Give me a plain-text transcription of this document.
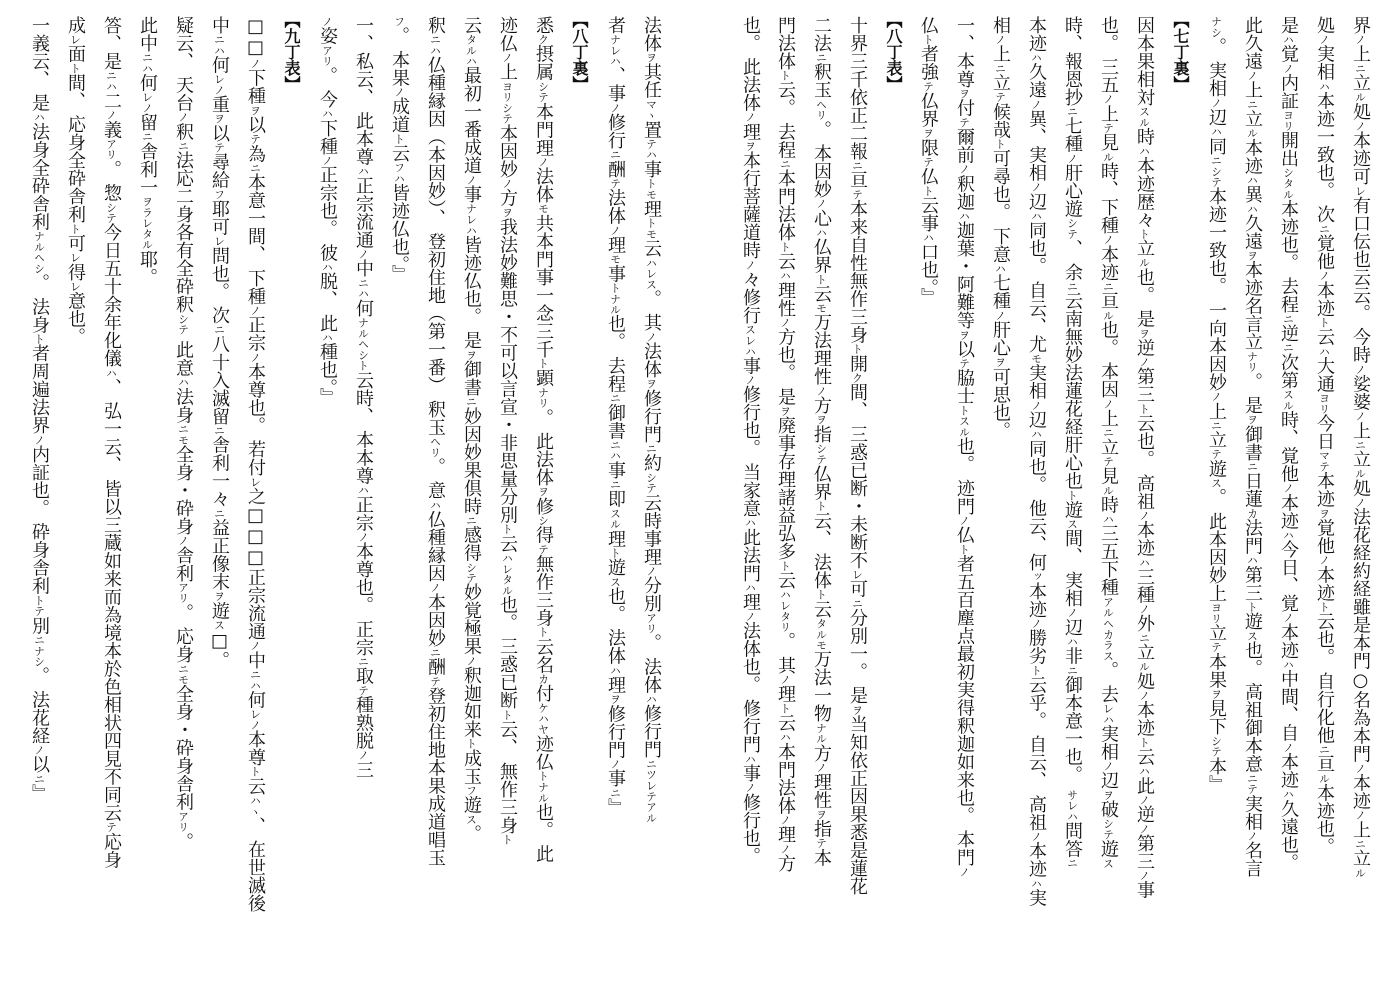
界ノ上ニ立ル処ノ本迹可レ有口伝也云云。 今時ノ娑婆ノ上ニ立ル処ノ法花経約経雖是本門○名為本門ノ本迹ノ上ニ立ル
処ノ実相ハ本迹一致也。 次ニ覚他ノ本迹ト云ハ大通ヨリ今日マテ本迹ヲ覚他ノ本迹ト云也。 自行化他ニ亘ル本迹也。
是ハ覚ノ内証ヨリ開出シタル本迹也。 去程ニ逆ニ次第スル時、覚他ノ本迹ハ今日、覚ノ本迹ハ中間、自ノ本迹ハ久遠也。
此久遠ノ上ニ立ル本迹ハ異ハ久遠ヲ本迹名言立ナリ。 是ヲ御書ニ日蓮カ法門ハ第三ト遊ス也。 高祖御本意ニテ実相ノ名言
ナシ。 実相ノ辺ハ同ニシテ本迹一致也。 一向本因妙ノ上ニ立テ遊ス。 此本因妙上ヨリ立テ本果ヲ見下シテ本』
【七丁裏】
因本果相対スル時ハ本迹歴々ト立ル也。 是ヲ逆ノ第三ト云也。 高祖ノ本迹ハ三種ノ外ニ立ル処ノ本迹ト云ハ此ノ逆ノ第三ノ事
也。 三五ノ上テ見ル時、下種ノ本迹ニ亘ル也。 本因ノ上ニ立テ見ル時ハ三五下種アルヘカラス。 去レハ実相ノ辺ヲ破シテ遊ス
時、報恩抄ニ七種ノ肝心遊シテ、 余ニ云南無妙法蓮花経肝心也ト遊ス間、 実相ノ辺ハ非ニ御本意一也。 サレハ問答ニ
本迹ハ久遠ノ異、実相ノ辺ハ同也。 自云、尤モ実相ノ辺ハ同也。 他云、何ッ本迹ノ勝劣ト云乎。 自云、 高祖ノ本迹ハ実
相ノ上ニ立テ候哉ト可尋也。 下意ハ七種ノ肝心ヲ可思也。
一、本尊ヲ付テ爾前ノ釈迦ハ迦葉・阿難等ヲ以テ脇士トスル也。 迹門ノ仏ト者五百塵点最初実得釈迦如来也。 本門ノ
仏ト者強テ仏界ヲ限テ仏ト云事ハ口也。』
【八丁表】
十界三千依正二報ニ亘テ本来自性無作三身ト開ク間、 三惑已断・未断不レ可ニ分別一。 是ヲ当知依正因果悉是蓮花
二法ニ釈玉ヘリ。 本因妙ノ心ハ仏界ト云モ万法理性ノ方ヲ指シテ仏界ト云、 法体ト云タルモ万法一物ナル方ノ理性ヲ指テ本
門法体ト云。 去程ニ本門法体ト云ハ理性ノ方也。 是ヲ廃事存理諸益弘多ト云ハレタリ。 其ノ理ト云ハ本門法体ノ理ノ方
也。 此法体ノ理ヲ本行菩薩道時ノ々修行スレハ事ノ修行也。 当家意ハ此法門ハ理ノ法体也。 修行門ハ事ノ修行也。
法体ヲ其任マヽ置テハ事トモ理トモ云ハレス。 其ノ法体ヲ修行門ニ約シテ云時事理ノ分別アリ。 法体ハ修行門ニツレテアル
者ナレハ、事ノ修行ニ酬テ法体ノ理モ事トナル也。 去程ニ御書ニハ事ニ即スル理ト遊ス也。 法体ハ理ヲ修行門ノ事ニ』
【八丁裏】
悉ク摂属シテ本門理ノ法体モ共本門事一念三千ト顕ナリ。 此法体ヲ修シ得テ無作三身ト云名カ付ケハヤ迹仏トナル也。 此
迹仏ノ上ヨリシテ本因妙ノ方ヲ我法妙難思・不可以言宣・非思量分別ト云ハレタル也。 三惑已断ト云、 無作三身ト
云タルハ最初一番成道ノ事ナレハ皆迹仏也。 是ヲ御書ニ妙因妙果倶時ニ感得シテ妙覚極果ノ釈迦如来ト成玉フ遊ス。
釈ニハ仏種縁因（本因妙）、 登初住地（第一番） 釈玉ヘリ。 意ハ仏種縁因ノ本因妙ニ酬テ登初住地本果成道唱玉
フ。 本果ノ成道ト云フハ皆迹仏也。』
一、私云、 此本尊ハ正宗流通ノ中ニハ何ナルヘシト云時、 本本尊ハ正宗ノ本尊也。 正宗ニ取テ種熟脱ノ三
ノ姿アリ。 今ハ下種ノ正宗也。 彼ハ脱、 此ハ種也。』
【九丁表】
□□ノ下種ヲ以テ為ニ本意一間、 下種ノ正宗ノ本尊也。 若付レ之□□□正宗流通ノ中ニハ何レノ本尊ト云ハヽ、 在世滅後
中ニハ何レノ重ヲ以テ尋給フ耶可レ問也。 次ニ八十入滅留ニ舎利一々ニ益正像末ヲ遊ス□。
疑云、 天台ノ釈ニ法応二身各有全砕釈シテ 此意ハ法身ニモ全身・砕身ノ舎利アリ。 応身ニモ全身・砕身舎利アリ。
此中ニハ何レノ留ニ舎利一ヲラレタル耶。
答、是ニハ二ノ義アリ。 惣シテ今日五十余年化儀ハ、 弘一云、 皆以三蔵如来而為境本於色相状四見不同云テ応身
成レ面ト間、 応身全砕舎利ト可レ得レ意也。
一義云、 是ハ法身全砕舎利ナルヘシ。 法身ト者周遍法界ノ内証也。 砕身舎利トテ別ニナシ。 法花経ノ以ニ』
